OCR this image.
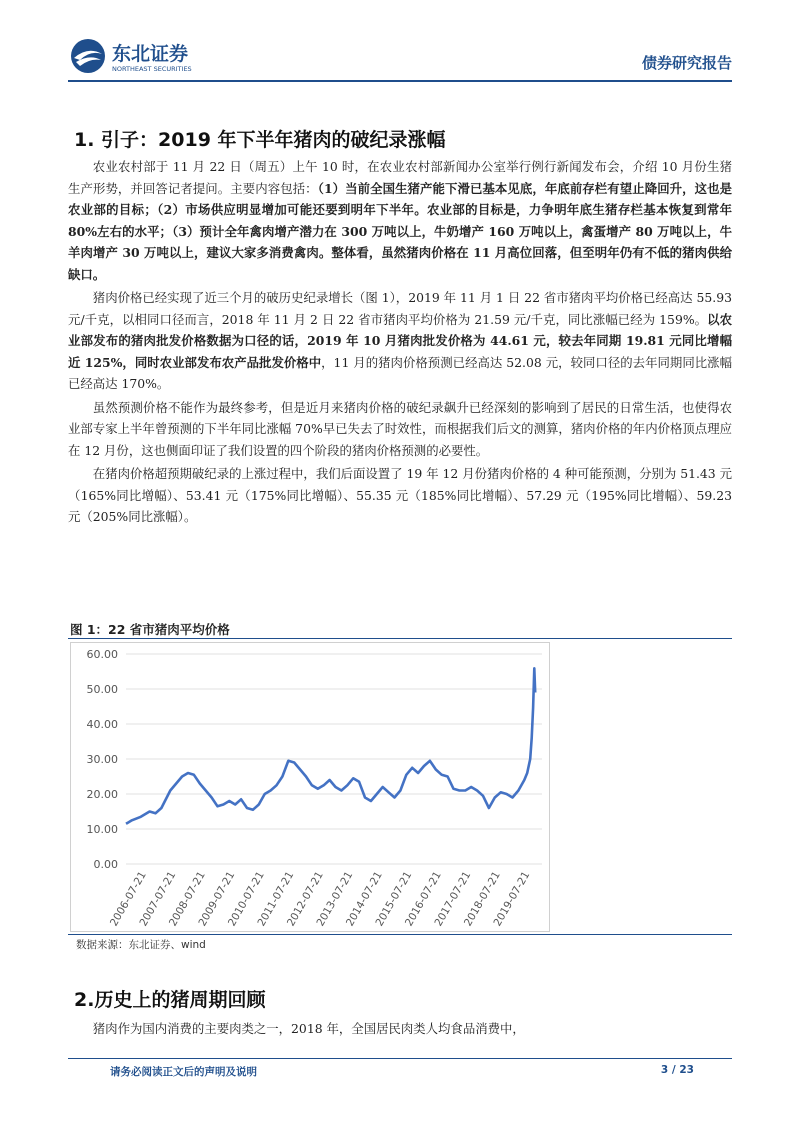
东北证券
NORTHEAST SECURITIES	债券研究报告
1. 引子：2019 年下半年猪肉的破纪录涨幅

农业农村部于 11 月 22 日（周五）上午 10 时，在农业农村部新闻办公室举行例行新闻发布会，介绍 10 月份生猪生产形势，并回答记者提问。主要内容包括：（1）当前全国生猪产能下滑已基本见底，年底前存栏有望止降回升，这也是农业部的目标；（2）市场供应明显增加可能还要到明年下半年。农业部的目标是，力争明年底生猪存栏基本恢复到常年 80%左右的水平；（3）预计全年禽肉增产潜力在 300 万吨以上，牛奶增产 160 万吨以上，禽蛋增产 80 万吨以上，牛羊肉增产 30 万吨以上，建议大家多消费禽肉。整体看，虽然猪肉价格在 11 月高位回落，但至明年仍有不低的猪肉供给缺口。

猪肉价格已经实现了近三个月的破历史纪录增长（图 1），2019 年 11 月 1 日 22 省市猪肉平均价格已经高达 55.93 元/千克，以相同口径而言，2018 年 11 月 2 日 22 省市猪肉平均价格为 21.59 元/千克，同比涨幅已经为 159%。以农业部发布的猪肉批发价格数据为口径的话，2019 年 10 月猪肉批发价格为 44.61 元，较去年同期 19.81 元同比增幅近 125%，同时农业部发布农产品批发价格中，11 月的猪肉价格预测已经高达 52.08 元，较同口径的去年同期同比涨幅已经高达 170%。

虽然预测价格不能作为最终参考，但是近月来猪肉价格的破纪录飙升已经深刻的影响到了居民的日常生活，也使得农业部专家上半年曾预测的下半年同比涨幅 70%早已失去了时效性，而根据我们后文的测算，猪肉价格的年内价格顶点理应在 12 月份，这也侧面印证了我们设置的四个阶段的猪肉价格预测的必要性。

在猪肉价格超预期破纪录的上涨过程中，我们后面设置了 19 年 12 月份猪肉价格的 4 种可能预测，分别为 51.43 元（165%同比增幅）、53.41 元（175%同比增幅）、55.35 元（185%同比增幅）、57.29 元（195%同比增幅）、59.23 元（205%同比涨幅）。

图 1：22 省市猪肉平均价格
0.00
10.00
20.00
30.00
40.00
50.00
60.00
2006-07-21
2007-07-21
2008-07-21
2009-07-21
2010-07-21
2011-07-21
2012-07-21
2013-07-21
2014-07-21
2015-07-21
2016-07-21
2017-07-21
2018-07-21
2019-07-21
数据来源：东北证券、wind
2.历史上的猪周期回顾

猪肉作为国内消费的主要肉类之一，2018 年，全国居民肉类人均食品消费中，

请务必阅读正文后的声明及说明	3 / 23
